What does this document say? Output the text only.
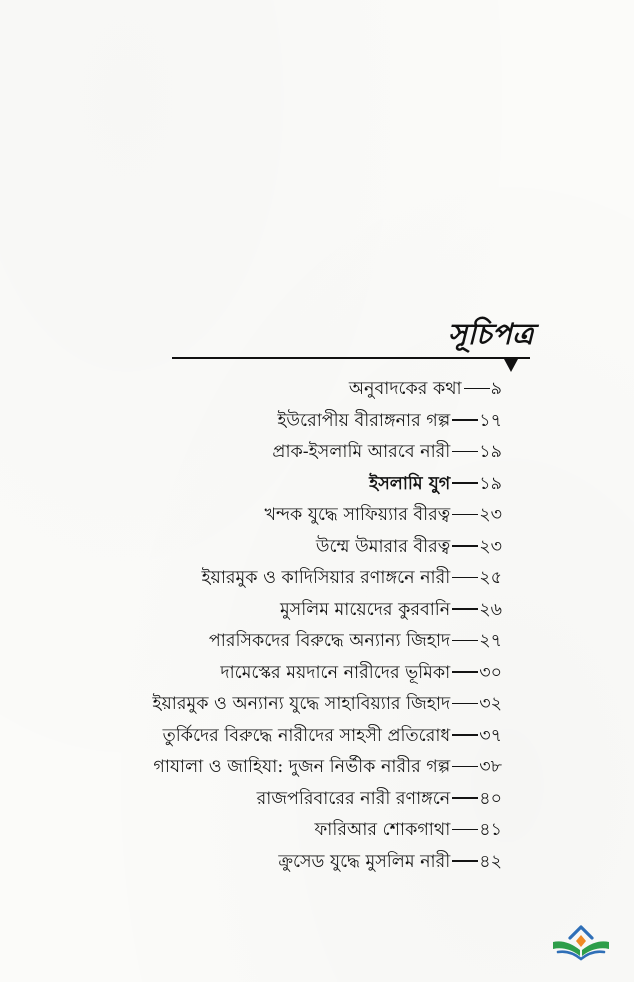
সূচিপত্র
অনুবাদকের কথা ৯
ইউরোপীয় বীরাঙ্গনার গল্প ১৭
প্রাক-ইসলামি আরবে নারী ১৯
ইসলামি যুগ ১৯
খন্দক যুদ্ধে সাফিয়্যার বীরত্ব ২৩
উম্মে উমারার বীরত্ব ২৩
ইয়ারমুক ও কাদিসিয়ার রণাঙ্গনে নারী ২৫
মুসলিম মায়েদের কুরবানি ২৬
পারসিকদের বিরুদ্ধে অন্যান্য জিহাদ ২৭
দামেস্কের ময়দানে নারীদের ভূমিকা ৩০
ইয়ারমুক ও অন্যান্য যুদ্ধে সাহাবিয়্যার জিহাদ ৩২
তুর্কিদের বিরুদ্ধে নারীদের সাহসী প্রতিরোধ ৩৭
গাযালা ও জাহিযা: দুজন নির্ভীক নারীর গল্প ৩৮
রাজপরিবারের নারী রণাঙ্গনে ৪০
ফারিআর শোকগাথা ৪১
ক্রুসেড যুদ্ধে মুসলিম নারী ৪২
